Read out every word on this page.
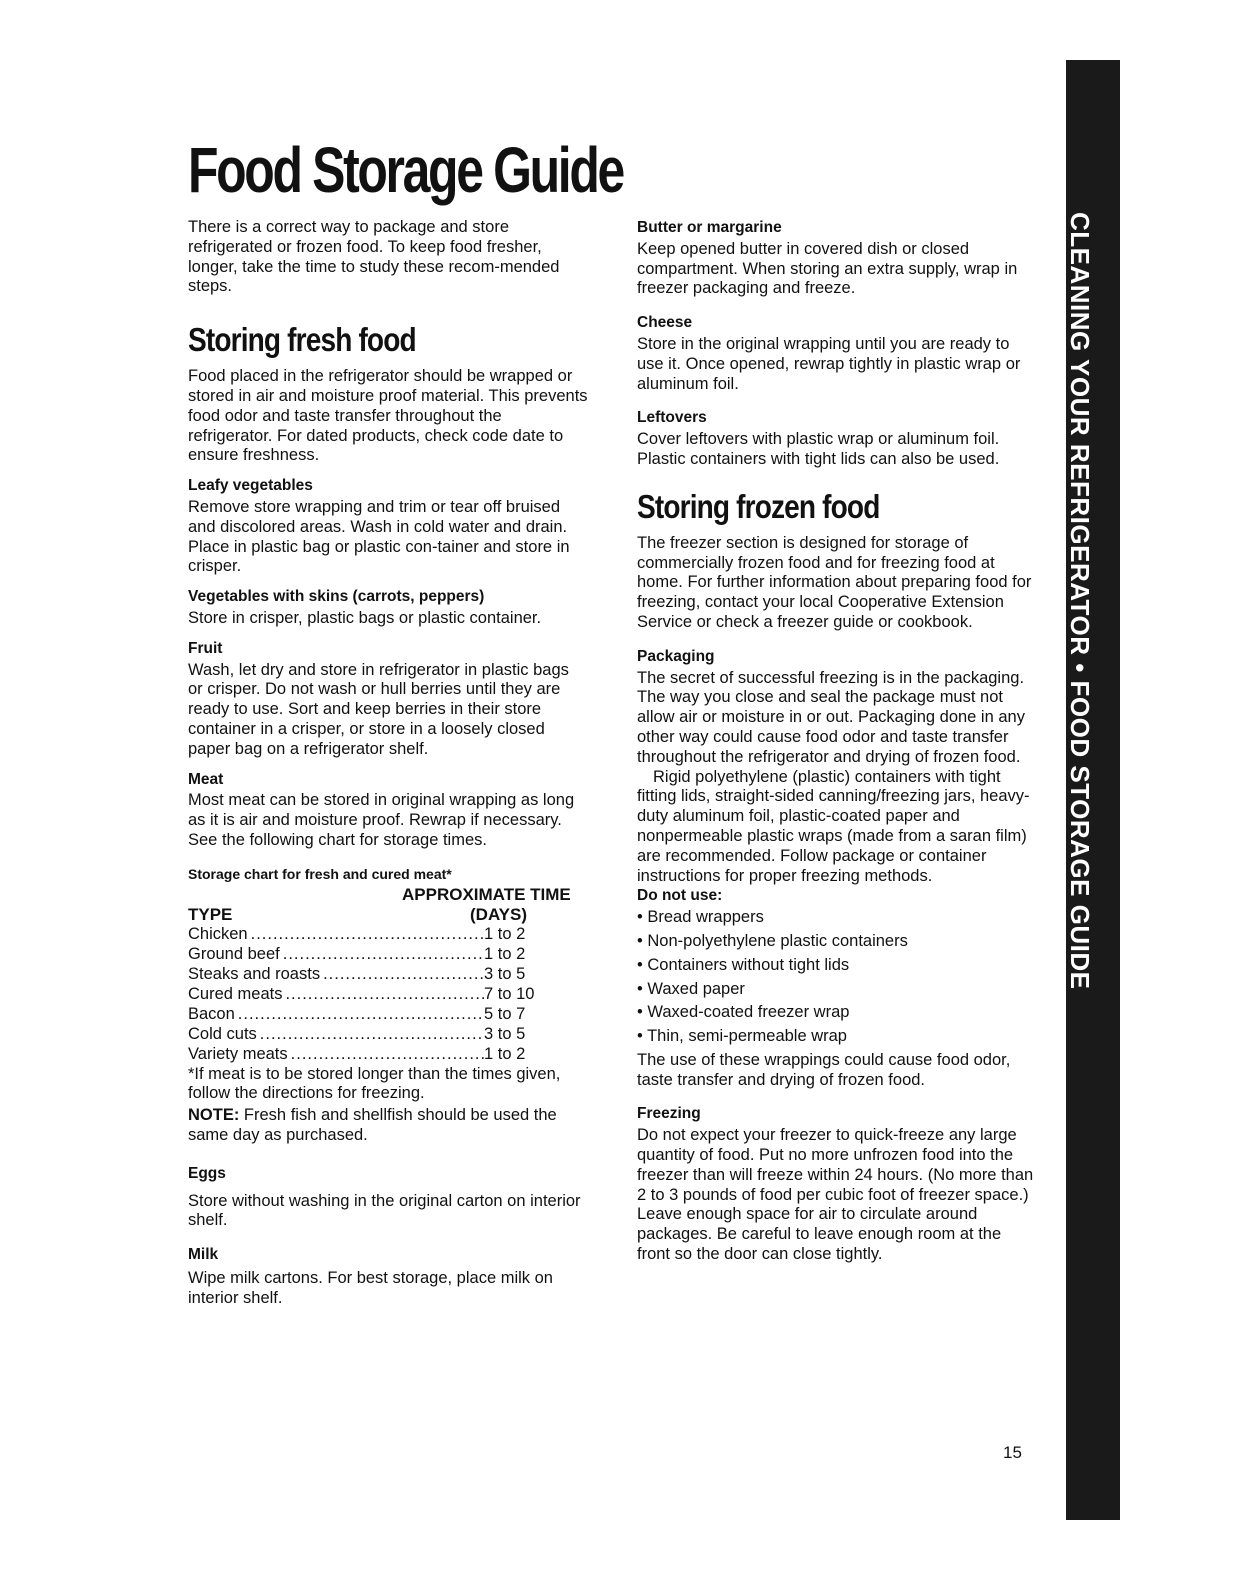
Food Storage Guide

There is a correct way to package and store refrigerated or frozen food. To keep food fresher, longer, take the time to study these recom-mended steps.

Storing fresh food

Food placed in the refrigerator should be wrapped or stored in air and moisture proof material. This prevents food odor and taste transfer throughout the refrigerator. For dated products, check code date to ensure freshness.

Leafy vegetables

Remove store wrapping and trim or tear off bruised and discolored areas. Wash in cold water and drain. Place in plastic bag or plastic con-tainer and store in crisper.

Vegetables with skins (carrots, peppers)

Store in crisper, plastic bags or plastic container.

Fruit

Wash, let dry and store in refrigerator in plastic bags or crisper. Do not wash or hull berries until they are ready to use. Sort and keep berries in their store container in a crisper, or store in a loosely closed paper bag on a refrigerator shelf.

Meat

Most meat can be stored in original wrapping as long as it is air and moisture proof. Rewrap if necessary. See the following chart for storage times.

Storage chart for fresh and cured meat*

APPROXIMATE TIME
TYPE	(DAYS)
Chicken .....	1 to 2
Ground beef .....	1 to 2
Steaks and roasts .....	3 to 5
Cured meats .....	7 to 10
Bacon .....	5 to 7
Cold cuts .....	3 to 5
Variety meats .....	1 to 2

*If meat is to be stored longer than the times given, follow the directions for freezing.

NOTE: Fresh fish and shellfish should be used the same day as purchased.

Eggs

Store without washing in the original carton on interior shelf.

Milk

Wipe milk cartons. For best storage, place milk on interior shelf.

Butter or margarine

Keep opened butter in covered dish or closed compartment. When storing an extra supply, wrap in freezer packaging and freeze.

Cheese

Store in the original wrapping until you are ready to use it. Once opened, rewrap tightly in plastic wrap or aluminum foil.

Leftovers

Cover leftovers with plastic wrap or aluminum foil. Plastic containers with tight lids can also be used.

Storing frozen food

The freezer section is designed for storage of commercially frozen food and for freezing food at home. For further information about preparing food for freezing, contact your local Cooperative Extension Service or check a freezer guide or cookbook.

Packaging

The secret of successful freezing is in the packaging. The way you close and seal the package must not allow air or moisture in or out. Packaging done in any other way could cause food odor and taste transfer throughout the refrigerator and drying of frozen food.

Rigid polyethylene (plastic) containers with tight fitting lids, straight-sided canning/freezing jars, heavy-duty aluminum foil, plastic-coated paper and nonpermeable plastic wraps (made from a saran film) are recommended. Follow package or container instructions for proper freezing methods.

Do not use:

• Bread wrappers
• Non-polyethylene plastic containers
• Containers without tight lids
• Waxed paper
• Waxed-coated freezer wrap
• Thin, semi-permeable wrap

The use of these wrappings could cause food odor, taste transfer and drying of frozen food.

Freezing

Do not expect your freezer to quick-freeze any large quantity of food. Put no more unfrozen food into the freezer than will freeze within 24 hours. (No more than 2 to 3 pounds of food per cubic foot of freezer space.) Leave enough space for air to circulate around packages. Be careful to leave enough room at the front so the door can close tightly.

CLEANING YOUR REFRIGERATOR • FOOD STORAGE GUIDE
15
